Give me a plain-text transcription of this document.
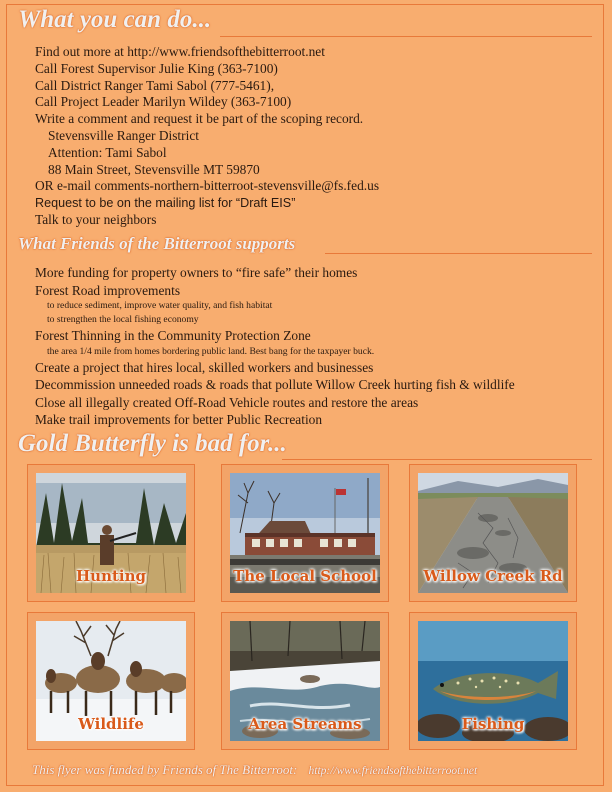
What you can do...
Find out more at http://www.friendsofthebitterroot.net
Call Forest Supervisor Julie King (363-7100)
Call District Ranger Tami Sabol (777-5461),
Call Project Leader Marilyn Wildey (363-7100)
Write a comment and request it be part of the scoping record.
Stevensville Ranger District
Attention: Tami Sabol
88 Main Street, Stevensville MT 59870
OR e-mail comments-northern-bitterroot-stevensville@fs.fed.us
Request to be on the mailing list for “Draft EIS”
Talk to your neighbors
What Friends of the Bitterroot supports
More funding for property owners to “fire safe” their homes
Forest Road improvements
to reduce sediment, improve water quality, and fish habitat
to strengthen the local fishing economy
Forest Thinning in the Community Protection Zone
the area 1/4 mile from homes bordering public land. Best bang for the taxpayer buck.
Create a project that hires local, skilled workers and businesses
Decommission unneeded roads & roads that pollute Willow Creek hurting fish & wildlife
Close all illegally created Off-Road Vehicle routes and restore the areas
Make trail improvements for better Public Recreation
Gold Butterfly is bad for...
Hunting	The Local School	Willow Creek Rd
Wildlife	Area Streams	Fishing
This flyer was funded by Friends of The Bitterroot: http://www.friendsofthebitterroot.net
